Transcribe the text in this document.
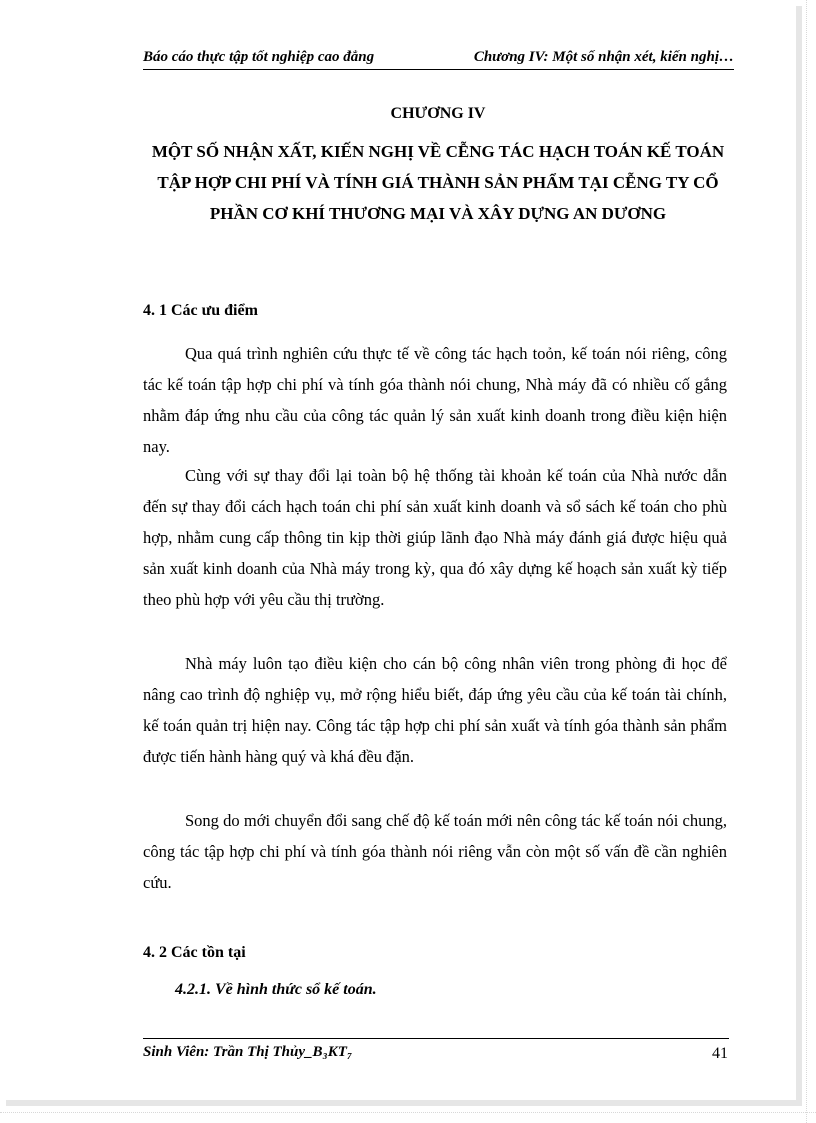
Báo cáo thực tập tốt nghiệp cao đẳng	Chương IV: Một số nhận xét, kiến nghị…
CHƯƠNG IV
MỘT SỐ NHẬN XẤT, KIẾN NGHỊ VỀ CỄNG TÁC HẠCH TOÁN KẾ TOÁN TẬP HỢP CHI PHÍ VÀ TÍNH GIÁ THÀNH SẢN PHẨM TẠI CỄNG TY CỔ PHẦN CƠ KHÍ THƯƠNG MẠI VÀ XÂY DỰNG AN DƯƠNG
4. 1 Các ưu điểm
Qua quá trình nghiên cứu thực tế về công tác hạch toỏn, kế toán nói riêng, công tác kế toán tập hợp chi phí và tính góa thành nói chung, Nhà máy đã có nhiều cố gắng nhằm đáp ứng nhu cầu của công tác quản lý sản xuất kinh doanh trong điều kiện hiện nay.
Cùng với sự thay đổi lại toàn bộ hệ thống tài khoản kế toán của Nhà nước dẫn đến sự thay đổi cách hạch toán chi phí sản xuất kinh doanh và sổ sách kế toán cho phù hợp, nhằm cung cấp thông tin kịp thời giúp lãnh đạo Nhà máy đánh giá được hiệu quả sản xuất kinh doanh của Nhà máy trong kỳ, qua đó xây dựng kế hoạch sản xuất kỳ tiếp theo phù hợp với yêu cầu thị trường.
Nhà máy luôn tạo điều kiện cho cán bộ công nhân viên trong phòng đi học để nâng cao trình độ nghiệp vụ, mở rộng hiểu biết, đáp ứng yêu cầu của kế toán tài chính, kế toán quản trị hiện nay. Công tác tập hợp chi phí sản xuất và tính góa thành sản phẩm được tiến hành hàng quý và khá đều đặn.
Song do mới chuyển đổi sang chế độ kế toán mới nên công tác kế toán nói chung, công tác tập hợp chi phí và tính góa thành nói riêng vẫn còn một số vấn đề cần nghiên cứu.
4. 2 Các tồn tại
4.2.1. Về hình thức sổ kế toán.
Sinh Viên: Trần Thị Thủy_B₃KT₇	41
